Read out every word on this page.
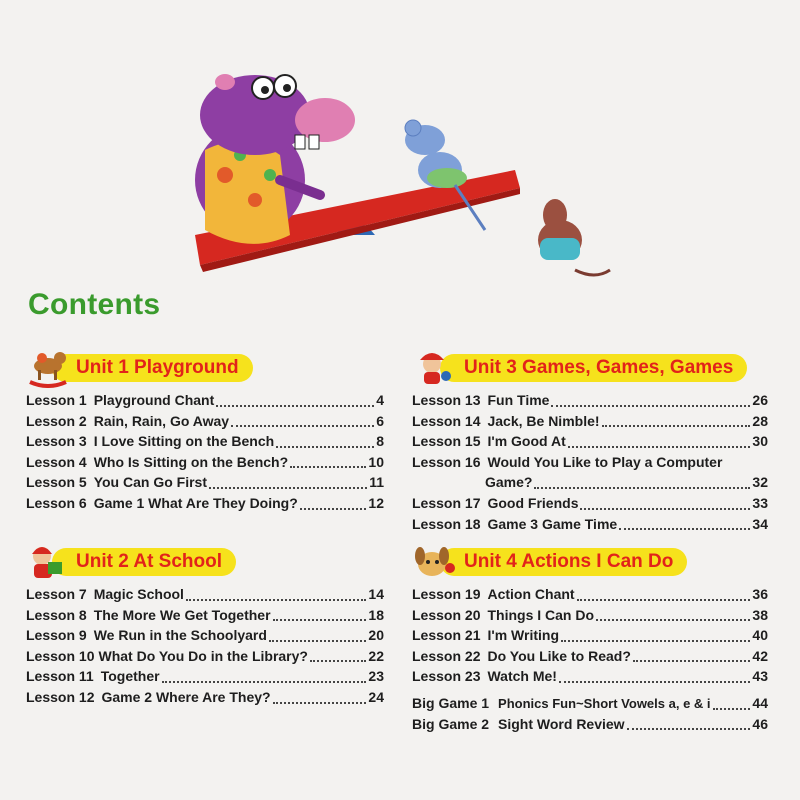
Contents
Unit 1 Playground
Lesson 1 Playground Chant	4
Lesson 2 Rain, Rain, Go Away	6
Lesson 3 I Love Sitting on the Bench	8
Lesson 4 Who Is Sitting on the Bench?	10
Lesson 5 You Can Go First	11
Lesson 6 Game 1 What Are They Doing?	12
Unit 2 At School
Lesson 7 Magic School	14
Lesson 8 The More We Get Together	18
Lesson 9 We Run in the Schoolyard	20
Lesson 10 What Do You Do in the Library?	22
Lesson 11 Together	23
Lesson 12 Game 2 Where Are They?	24
Unit 3 Games, Games, Games
Lesson 13 Fun Time	26
Lesson 14 Jack, Be Nimble!	28
Lesson 15 I'm Good At	30
Lesson 16 Would You Like to Play a Computer
Game?	32
Lesson 17 Good Friends	33
Lesson 18 Game 3 Game Time	34
Unit 4 Actions I Can Do
Lesson 19 Action Chant	36
Lesson 20 Things I Can Do	38
Lesson 21 I'm Writing	40
Lesson 22 Do You Like to Read?	42
Lesson 23 Watch Me!	43
Big Game 1 Phonics Fun~Short Vowels a, e & i	44
Big Game 2 Sight Word Review	46
